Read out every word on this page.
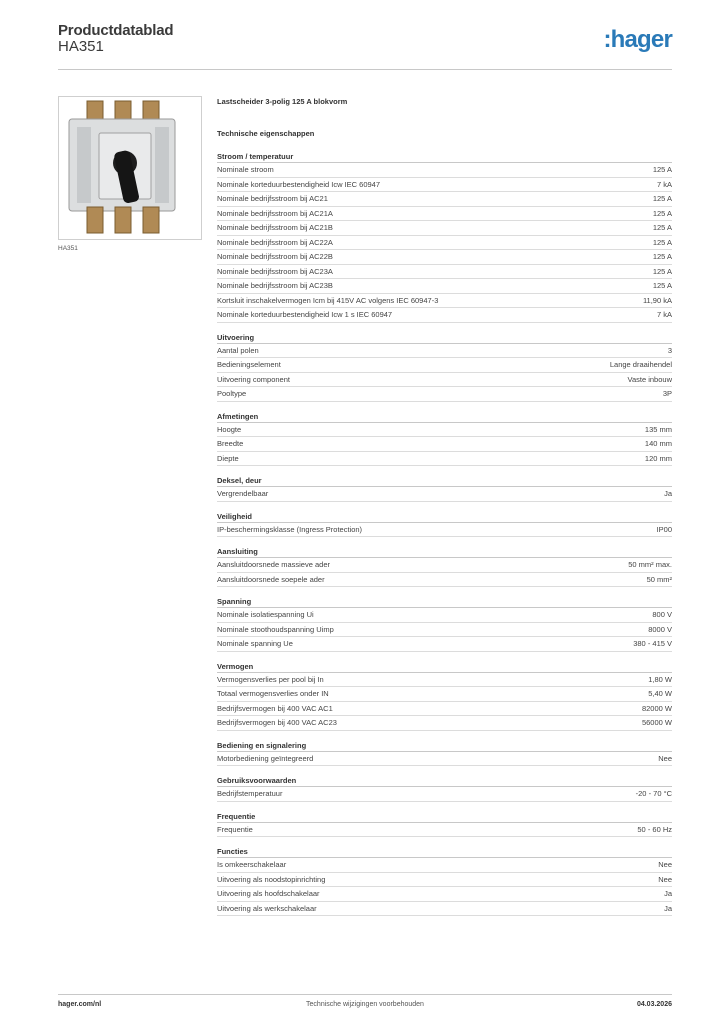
Productdatablad
HA351	:hager
HA351
Lastscheider 3-polig 125 A blokvorm
Technische eigenschappen
Stroom / temperatuur
Nominale stroom	125 A
Nominale korteduurbestendigheid Icw IEC 60947	7 kA
Nominale bedrijfsstroom bij AC21	125 A
Nominale bedrijfsstroom bij AC21A	125 A
Nominale bedrijfsstroom bij AC21B	125 A
Nominale bedrijfsstroom bij AC22A	125 A
Nominale bedrijfsstroom bij AC22B	125 A
Nominale bedrijfsstroom bij AC23A	125 A
Nominale bedrijfsstroom bij AC23B	125 A
Kortsluit inschakelvermogen Icm bij 415V AC volgens IEC 60947-3	11,90 kA
Nominale korteduurbestendigheid Icw 1 s IEC 60947	7 kA
Uitvoering
Aantal polen	3
Bedieningselement	Lange draaihendel
Uitvoering component	Vaste inbouw
Pooltype	3P
Afmetingen
Hoogte	135 mm
Breedte	140 mm
Diepte	120 mm
Deksel, deur
Vergrendelbaar	Ja
Veiligheid
IP-beschermingsklasse (Ingress Protection)	IP00
Aansluiting
Aansluitdoorsnede massieve ader	50 mm² max.
Aansluitdoorsnede soepele ader	50 mm²
Spanning
Nominale isolatiespanning Ui	800 V
Nominale stoothoudspanning Uimp	8000 V
Nominale spanning Ue	380 - 415 V
Vermogen
Vermogensverlies per pool bij In	1,80 W
Totaal vermogensverlies onder IN	5,40 W
Bedrijfsvermogen bij 400 VAC AC1	82000 W
Bedrijfsvermogen bij 400 VAC AC23	56000 W
Bediening en signalering
Motorbediening geïntegreerd	Nee
Gebruiksvoorwaarden
Bedrijfstemperatuur	-20 - 70 °C
Frequentie
Frequentie	50 - 60 Hz
Functies
Is omkeerschakelaar	Nee
Uitvoering als noodstopinrichting	Nee
Uitvoering als hoofdschakelaar	Ja
Uitvoering als werkschakelaar	Ja
hager.com/nl	Technische wijzigingen voorbehouden	04.03.2026
